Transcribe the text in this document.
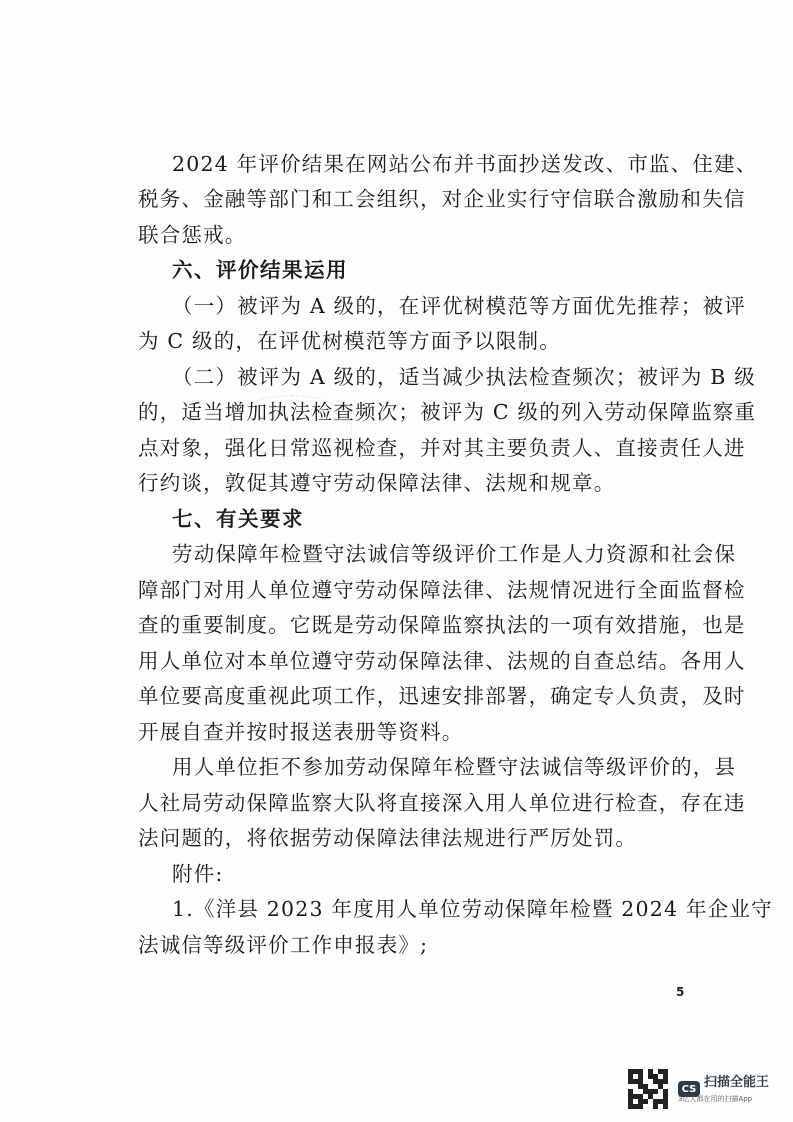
2024 年评价结果在网站公布并书面抄送发改、市监、住建、
税务、金融等部门和工会组织，对企业实行守信联合激励和失信
联合惩戒。
六、评价结果运用
（一）被评为 A 级的，在评优树模范等方面优先推荐；被评
为 C 级的，在评优树模范等方面予以限制。
（二）被评为 A 级的，适当减少执法检查频次；被评为 B 级
的，适当增加执法检查频次；被评为 C 级的列入劳动保障监察重
点对象，强化日常巡视检查，并对其主要负责人、直接责任人进
行约谈，敦促其遵守劳动保障法律、法规和规章。
七、有关要求
劳动保障年检暨守法诚信等级评价工作是人力资源和社会保
障部门对用人单位遵守劳动保障法律、法规情况进行全面监督检
查的重要制度。它既是劳动保障监察执法的一项有效措施，也是
用人单位对本单位遵守劳动保障法律、法规的自查总结。各用人
单位要高度重视此项工作，迅速安排部署，确定专人负责，及时
开展自查并按时报送表册等资料。
用人单位拒不参加劳动保障年检暨守法诚信等级评价的，县
人社局劳动保障监察大队将直接深入用人单位进行检查，存在违
法问题的，将依据劳动保障法律法规进行严厉处罚。
附件:
1.《洋县 2023 年度用人单位劳动保障年检暨 2024 年企业守
法诚信等级评价工作申报表》;
5
CS 扫描全能王
3亿人都在用的扫描App
